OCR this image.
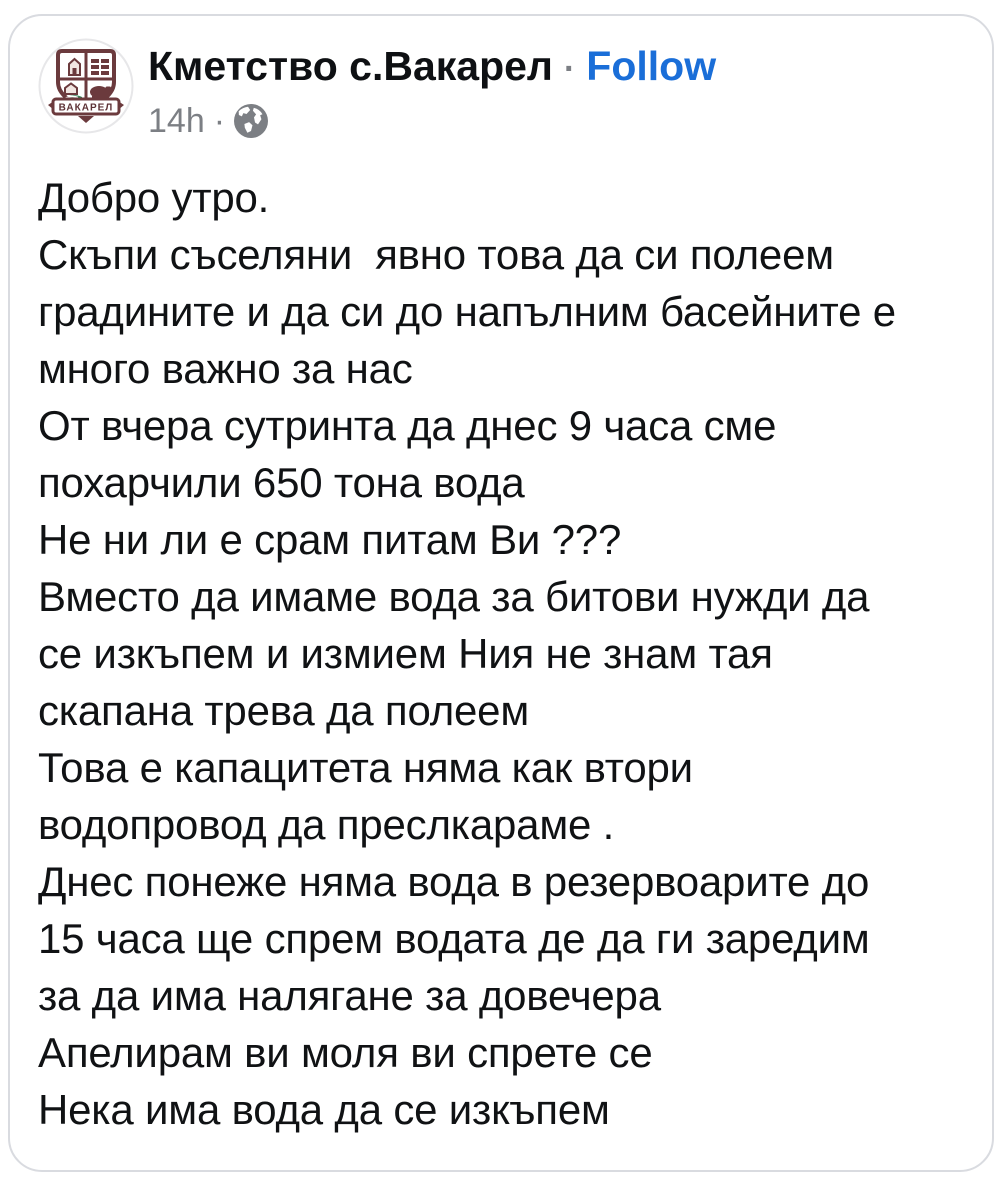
ВАКАРЕЛ
Кметство с.Вакарел · Follow
14h ·
Добро утро.
Скъпи съселяни  явно това да си полеем
градините и да си до напълним басейните е
много важно за нас
От вчера сутринта да днес 9 часа сме
похарчили 650 тона вода
Не ни ли е срам питам Ви ???
Вместо да имаме вода за битови нужди да
се изкъпем и измием Ния не знам тая
скапана трева да полеем
Това е капацитета няма как втори
водопровод да преслкараме .
Днес понеже няма вода в резервоарите до
15 часа ще спрем водата де да ги заредим
за да има налягане за довечера
Апелирам ви моля ви спрете се
Нека има вода да се изкъпем
